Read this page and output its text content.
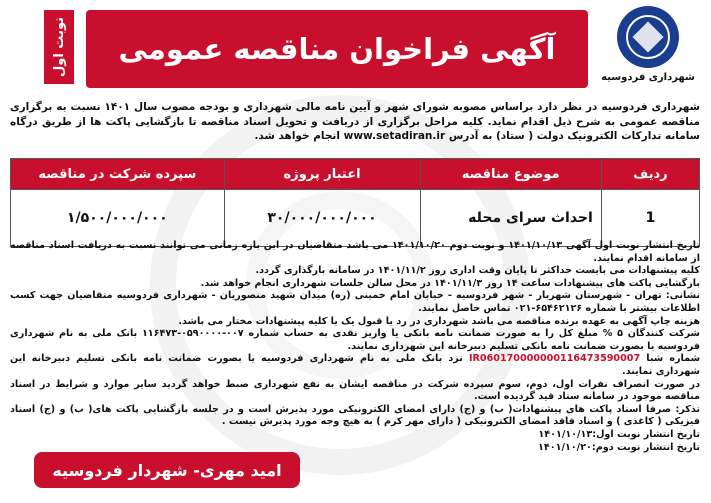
نوبت اول آگهی فراخوان مناقصه عمومی
شهرداری فردوسیه
شهرداری فردوسیه در نظر دارد براساس مصوبه شورای شهر و آیین نامه مالی شهرداری و بودجه مصوب سال ۱۴۰۱ نسبت به برگزاری مناقصه عمومی به شرح ذیل اقدام نماید. کلیه مراحل برگزاری از دریافت و تحویل اسناد مناقصه تا بازگشایی پاکت ها از طریق درگاه سامانه تدارکات الکترونیک دولت ( ستاد) به آدرس www.setadiran.ir انجام خواهد شد.
ردیف	موضوع مناقصه	اعتبار پروژه	سپرده شرکت در مناقصه
1	احداث سرای محله	۳۰/۰۰۰/۰۰۰/۰۰۰	۱/۵۰۰/۰۰۰/۰۰۰

تاریخ انتشار نوبت اول آگهی ۱۴۰۱/۱۰/۱۳ و نوبت دوم ۱۴۰۱/۱۰/۲۰ می باشد متقاضیان در این بازه زمانی می توانند نسبت به دریافت اسناد مناقصه از سامانه اقدام نمایند.

کلیه پیشنهادات می بایست حداکثر تا پایان وقت اداری روز ۱۴۰۱/۱۱/۲ در سامانه بارگذاری گردد.

بازگشایی پاکت های پیشنهادات ساعت ۱۴ روز ۱۴۰۱/۱۱/۳ در محل سالن جلسات شهرداری انجام خواهد شد.

نشانی: تهران - شهرستان شهریار - شهر فردوسیه - خیابان امام خمینی (ره) میدان شهید منصوریان - شهرداری فردوسیه متقاضیان جهت کسب اطلاعات بیشتر با شماره ۶۵۴۶۲۱۲۶-۰۲۱ تماس حاصل نمایند.

هزینه چاپ آگهی به عهده برنده مناقصه می باشد شهرداری در رد یا قبول یک یا کلیه پیشنهادات مختار می باشد.

شرکت کنندگان ۵ % مبلغ کل را به صورت ضمانت نامه بانکی یا واریز نقدی به حساب شماره ۰۰۷-۰۵۹۰۰۰۰-۱۱۶۴۷۳ بانک ملی به نام شهرداری فردوسیه یا بصورت ضمانت نامه بانکی تسلیم دبیرخانه این شهرداری نمایند.

شماره شبا IR060170000000116473590007 نزد بانک ملی به نام شهرداری فردوسیه یا بصورت ضمانت نامه بانکی تسلیم دبیرخانه این شهرداری نمایند.

در صورت انصراف نفرات اول، دوم، سوم سپرده شرکت در مناقصه ایشان به نفع شهرداری ضبط خواهد گردید سایر موارد و شرایط در اسناد مناقصه موجود در سامانه ستاد قید گردیده است.

تذکر: صرفا اسناد پاکت های پیشنهادات( ب) و (ج) دارای امضای الکترونیکی مورد پذیرش است و در جلسه بازگشایی پاکت های( ب) و (ج) اسناد فیزیکی ( کاغذی ) و اسناد فاقد امضای الکترونیکی ( دارای مهر کرم ) به هیچ وجه مورد پذیرش نیست .

تاریخ انتشار نوبت اول:۱۴۰۱/۱۰/۱۳

تاریخ انتشار نوبت دوم:۱۴۰۱/۱۰/۲۰

امید مهری- شهردار فردوسیه
